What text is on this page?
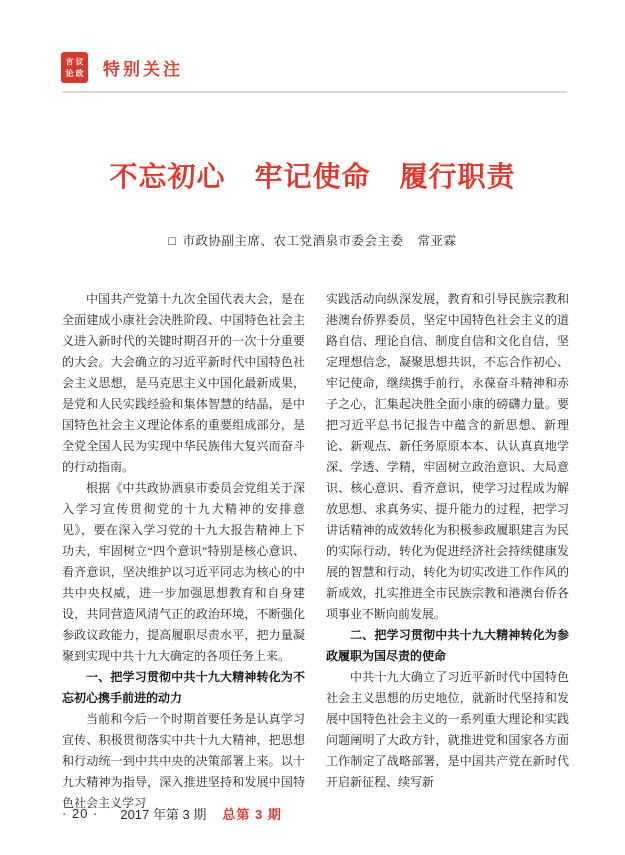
议
政
言
论 特别关注
不忘初心　牢记使命　履行职责
□ 市政协副主席、农工党酒泉市委会主委 常亚霖

中国共产党第十九次全国代表大会，是在全面建成小康社会决胜阶段、中国特色社会主义进入新时代的关键时期召开的一次十分重要的大会。大会确立的习近平新时代中国特色社会主义思想，是马克思主义中国化最新成果，是党和人民实践经验和集体智慧的结晶，是中国特色社会主义理论体系的重要组成部分，是全党全国人民为实现中华民族伟大复兴而奋斗的行动指南。

根据《中共政协酒泉市委员会党组关于深入学习宣传贯彻党的十九大精神的安排意见》，要在深入学习党的十九大报告精神上下功夫，牢固树立“四个意识”特别是核心意识、看齐意识，坚决维护以习近平同志为核心的中共中央权威，进一步加强思想教育和自身建设，共同营造风清气正的政治环境，不断强化参政议政能力，提高履职尽责水平，把力量凝聚到实现中共十九大确定的各项任务上来。

一、把学习贯彻中共十九大精神转化为不忘初心携手前进的动力

当前和今后一个时期首要任务是认真学习宣传、积极贯彻落实中共十九大精神，把思想和行动统一到中共中央的决策部署上来。以十九大精神为指导，深入推进坚持和发展中国特色社会主义学习

实践活动向纵深发展，教育和引导民族宗教和港澳台侨界委员，坚定中国特色社会主义的道路自信、理论自信、制度自信和文化自信，坚定理想信念，凝聚思想共识，不忘合作初心、牢记使命，继续携手前行，永葆奋斗精神和赤子之心，汇集起决胜全面小康的磅礴力量。要把习近平总书记报告中蕴含的新思想、新理论、新观点、新任务原原本本、认认真真地学深、学透、学精，牢固树立政治意识、大局意识、核心意识、看齐意识，使学习过程成为解放思想、求真务实、提升能力的过程，把学习讲话精神的成效转化为积极参政履职建言为民的实际行动，转化为促进经济社会持续健康发展的智慧和行动，转化为切实改进工作作风的新成效，扎实推进全市民族宗教和港澳台侨各项事业不断向前发展。

二、把学习贯彻中共十九大精神转化为参政履职为国尽责的使命

中共十九大确立了习近平新时代中国特色社会主义思想的历史地位，就新时代坚持和发展中国特色社会主义的一系列重大理论和实践问题阐明了大政方针，就推进党和国家各方面工作制定了战略部署，是中国共产党在新时代开启新征程、续写新

· 20 · 2017 年第 3 期 总第 3 期
